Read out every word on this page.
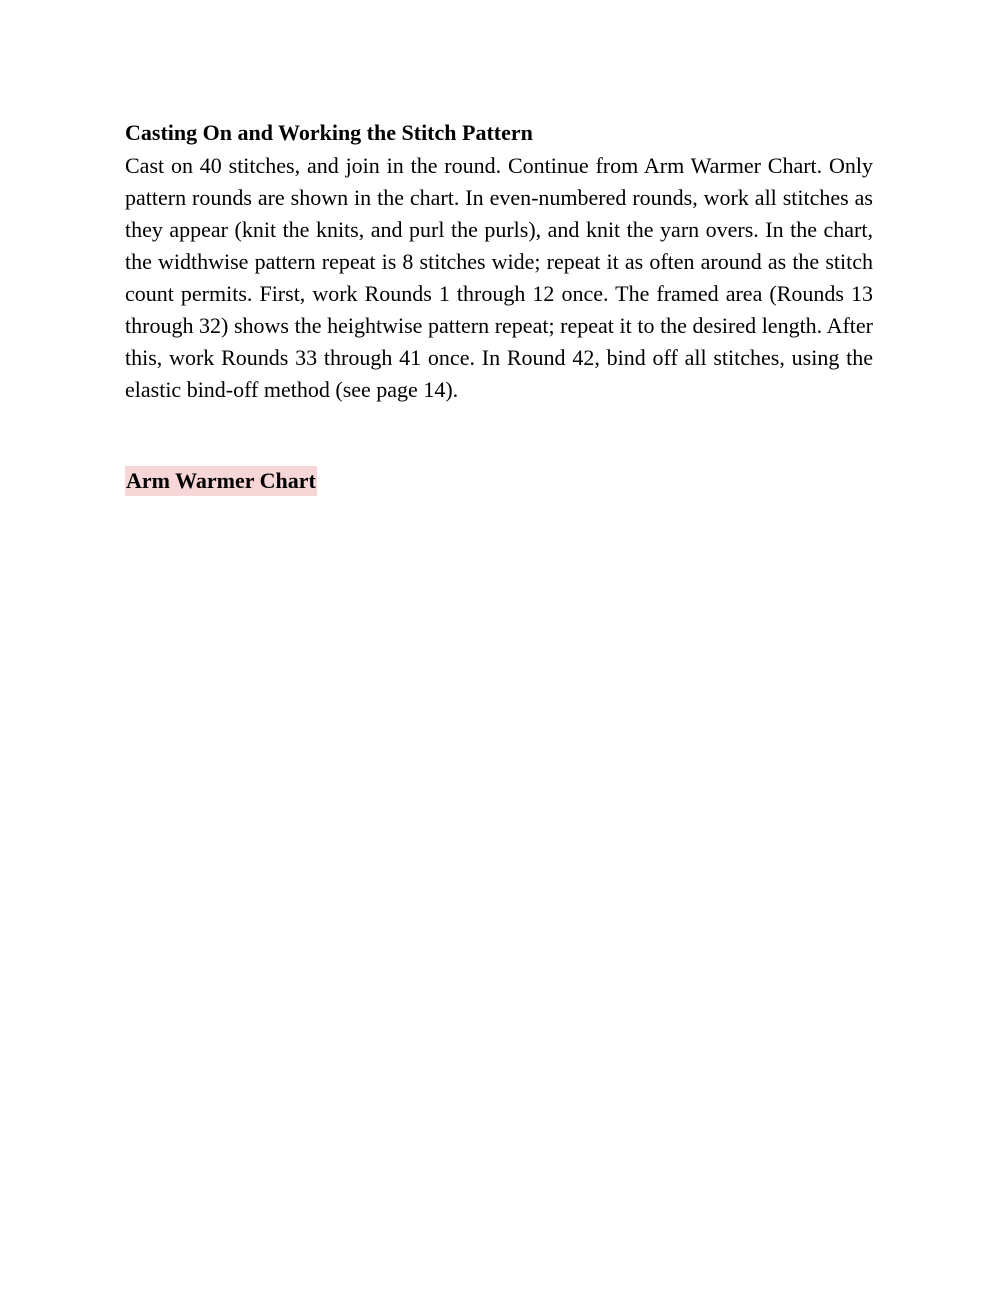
Casting On and Working the Stitch Pattern

Cast on 40 stitches, and join in the round. Continue from Arm Warmer Chart. Only pattern rounds are shown in the chart. In even-numbered rounds, work all stitches as they appear (knit the knits, and purl the purls), and knit the yarn overs. In the chart, the widthwise pattern repeat is 8 stitches wide; repeat it as often around as the stitch count permits. First, work Rounds 1 through 12 once. The framed area (Rounds 13 through 32) shows the heightwise pattern repeat; repeat it to the desired length. After this, work Rounds 33 through 41 once. In Round 42, bind off all stitches, using the elastic bind-off method (see page 14).

Arm Warmer Chart
